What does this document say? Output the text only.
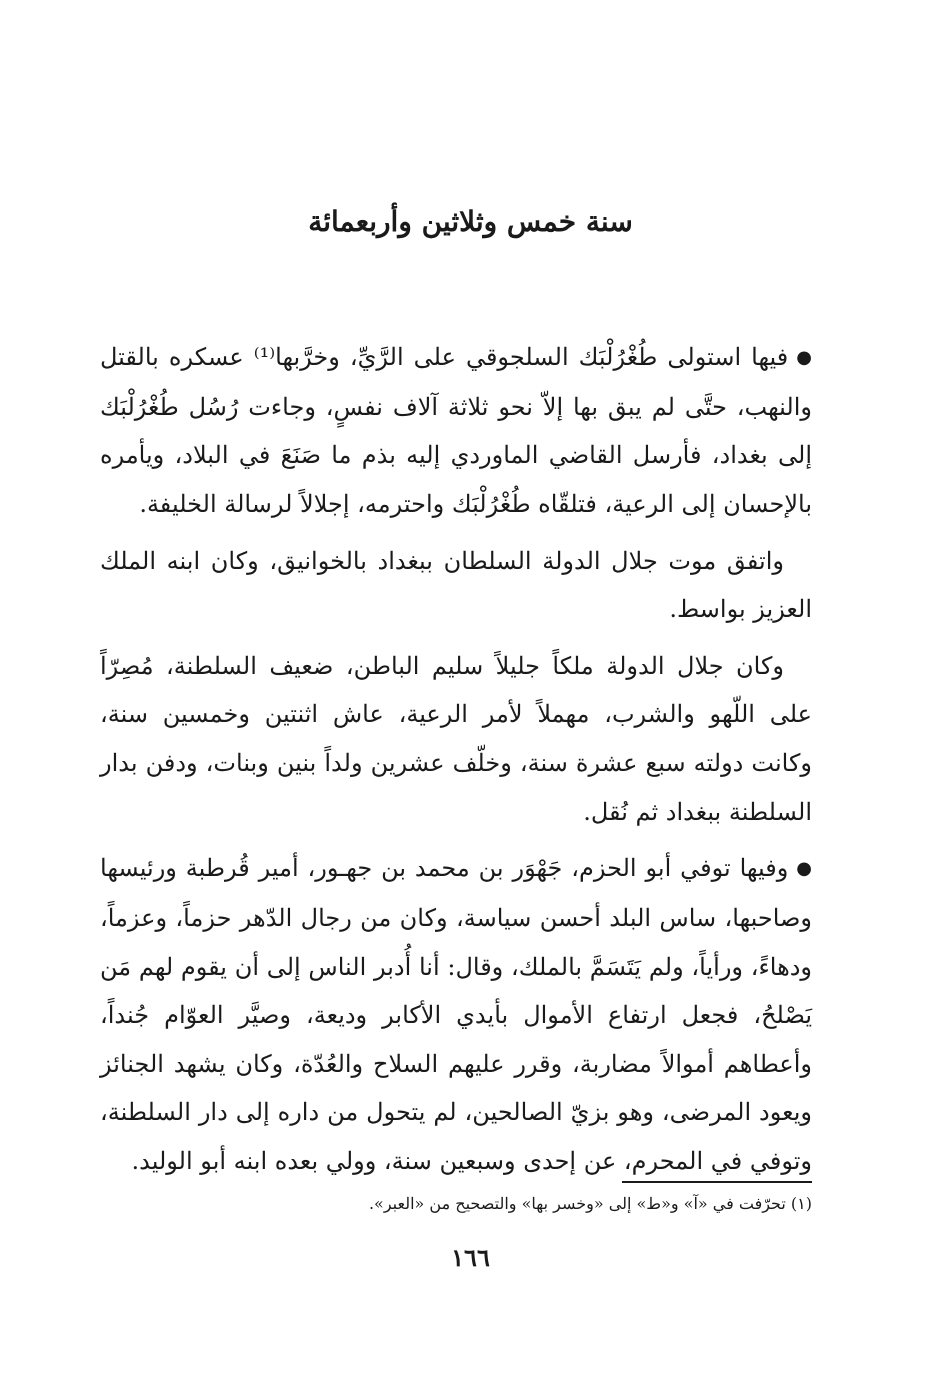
سنة خمس وثلاثين وأربعمائة

●فيها استولى طُغْرُلْبَك السلجوقي على الرَّيِّ، وخرَّبها⁽¹⁾ عسكره بالقتل والنهب، حتَّى لم يبق بها إلاّ نحو ثلاثة آلاف نفسٍ، وجاءت رُسُل طُغْرُلْبَك إلى بغداد، فأرسل القاضي الماوردي إليه بذم ما صَنَعَ في البلاد، ويأمره بالإحسان إلى الرعية، فتلقّاه طُغْرُلْبَك واحترمه، إجلالاً لرسالة الخليفة.

واتفق موت جلال الدولة السلطان ببغداد بالخوانيق، وكان ابنه الملك العزيز بواسط.

وكان جلال الدولة ملكاً جليلاً سليم الباطن، ضعيف السلطنة، مُصِرّاً على اللّهو والشرب، مهملاً لأمر الرعية، عاش اثنتين وخمسين سنة، وكانت دولته سبع عشرة سنة، وخلّف عشرين ولداً بنين وبنات، ودفن بدار السلطنة ببغداد ثم نُقل.

●وفيها توفي أبو الحزم، جَهْوَر بن محمد بن جهـور، أمير قُرطبة ورئيسها وصاحبها، ساس البلد أحسن سياسة، وكان من رجال الدّهر حزماً، وعزماً، ودهاءً، ورأياً، ولم يَتَسَمَّ بالملك، وقال: أنا أُدبر الناس إلى أن يقوم لهم مَن يَصْلحُ، فجعل ارتفاع الأموال بأيدي الأكابر وديعة، وصيَّر العوّام جُنداً، وأعطاهم أموالاً مضاربة، وقرر عليهم السلاح والعُدّة، وكان يشهد الجنائز ويعود المرضى، وهو بزيّ الصالحين، لم يتحول من داره إلى دار السلطنة، وتوفي في المحرم، عن إحدى وسبعين سنة، وولي بعده ابنه أبو الوليد.

(١) تحرّفت في «آ» و«ط» إلى «وخسر بها» والتصحيح من «العبر».
١٦٦
